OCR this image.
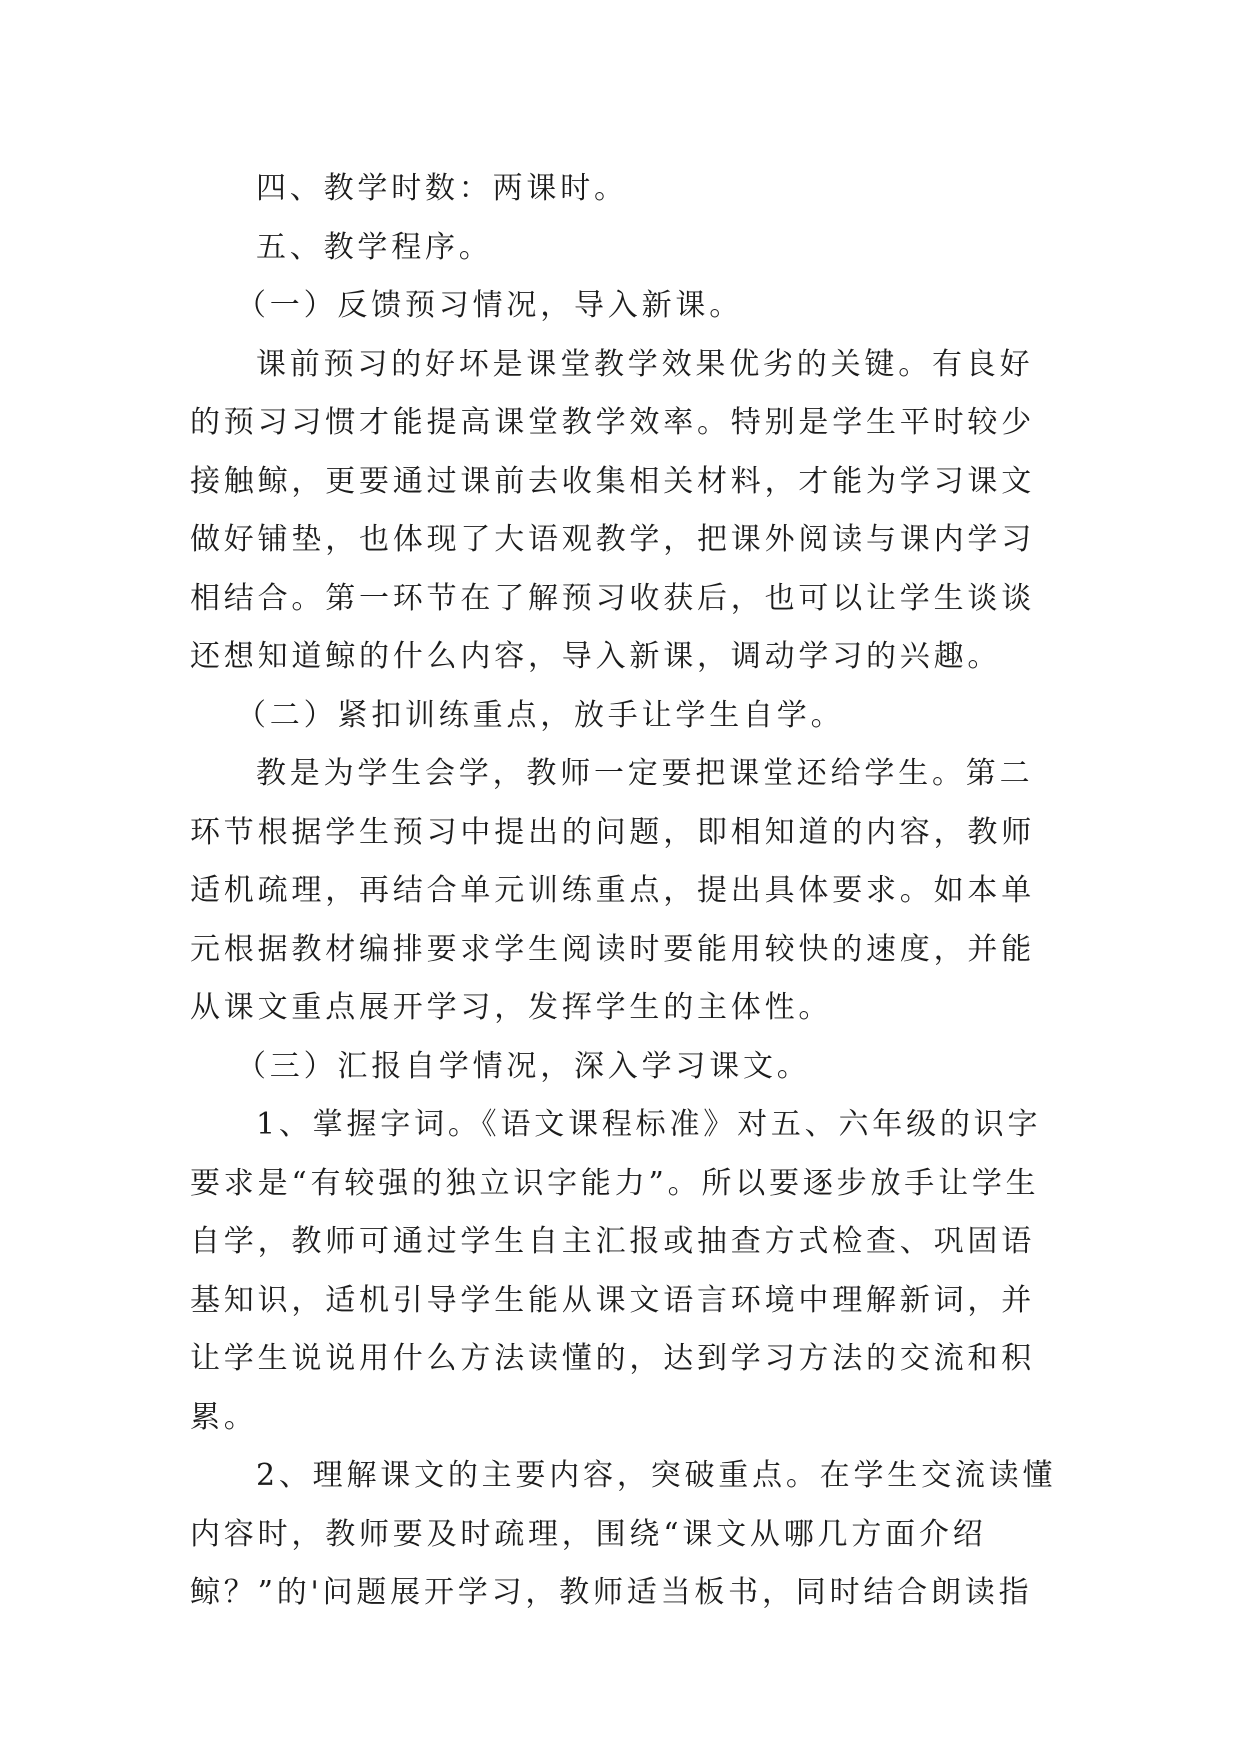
四、教学时数：两课时。

五、教学程序。

（一）反馈预习情况，导入新课。

课前预习的好坏是课堂教学效果优劣的关键。有良好的预习习惯才能提高课堂教学效率。特别是学生平时较少接触鲸，更要通过课前去收集相关材料，才能为学习课文做好铺垫，也体现了大语观教学，把课外阅读与课内学习相结合。第一环节在了解预习收获后，也可以让学生谈谈还想知道鲸的什么内容，导入新课，调动学习的兴趣。

（二）紧扣训练重点，放手让学生自学。

教是为学生会学，教师一定要把课堂还给学生。第二环节根据学生预习中提出的问题，即相知道的内容，教师适机疏理，再结合单元训练重点，提出具体要求。如本单元根据教材编排要求学生阅读时要能用较快的速度，并能从课文重点展开学习，发挥学生的主体性。

（三）汇报自学情况，深入学习课文。

1、掌握字词。《语文课程标准》对五、六年级的识字要求是“有较强的独立识字能力”。所以要逐步放手让学生自学，教师可通过学生自主汇报或抽查方式检查、巩固语基知识，适机引导学生能从课文语言环境中理解新词，并让学生说说用什么方法读懂的，达到学习方法的交流和积累。

2、理解课文的主要内容，突破重点。在学生交流读懂内容时，教师要及时疏理，围绕“课文从哪几方面介绍鲸？”的'问题展开学习，教师适当板书，同时结合朗读指
